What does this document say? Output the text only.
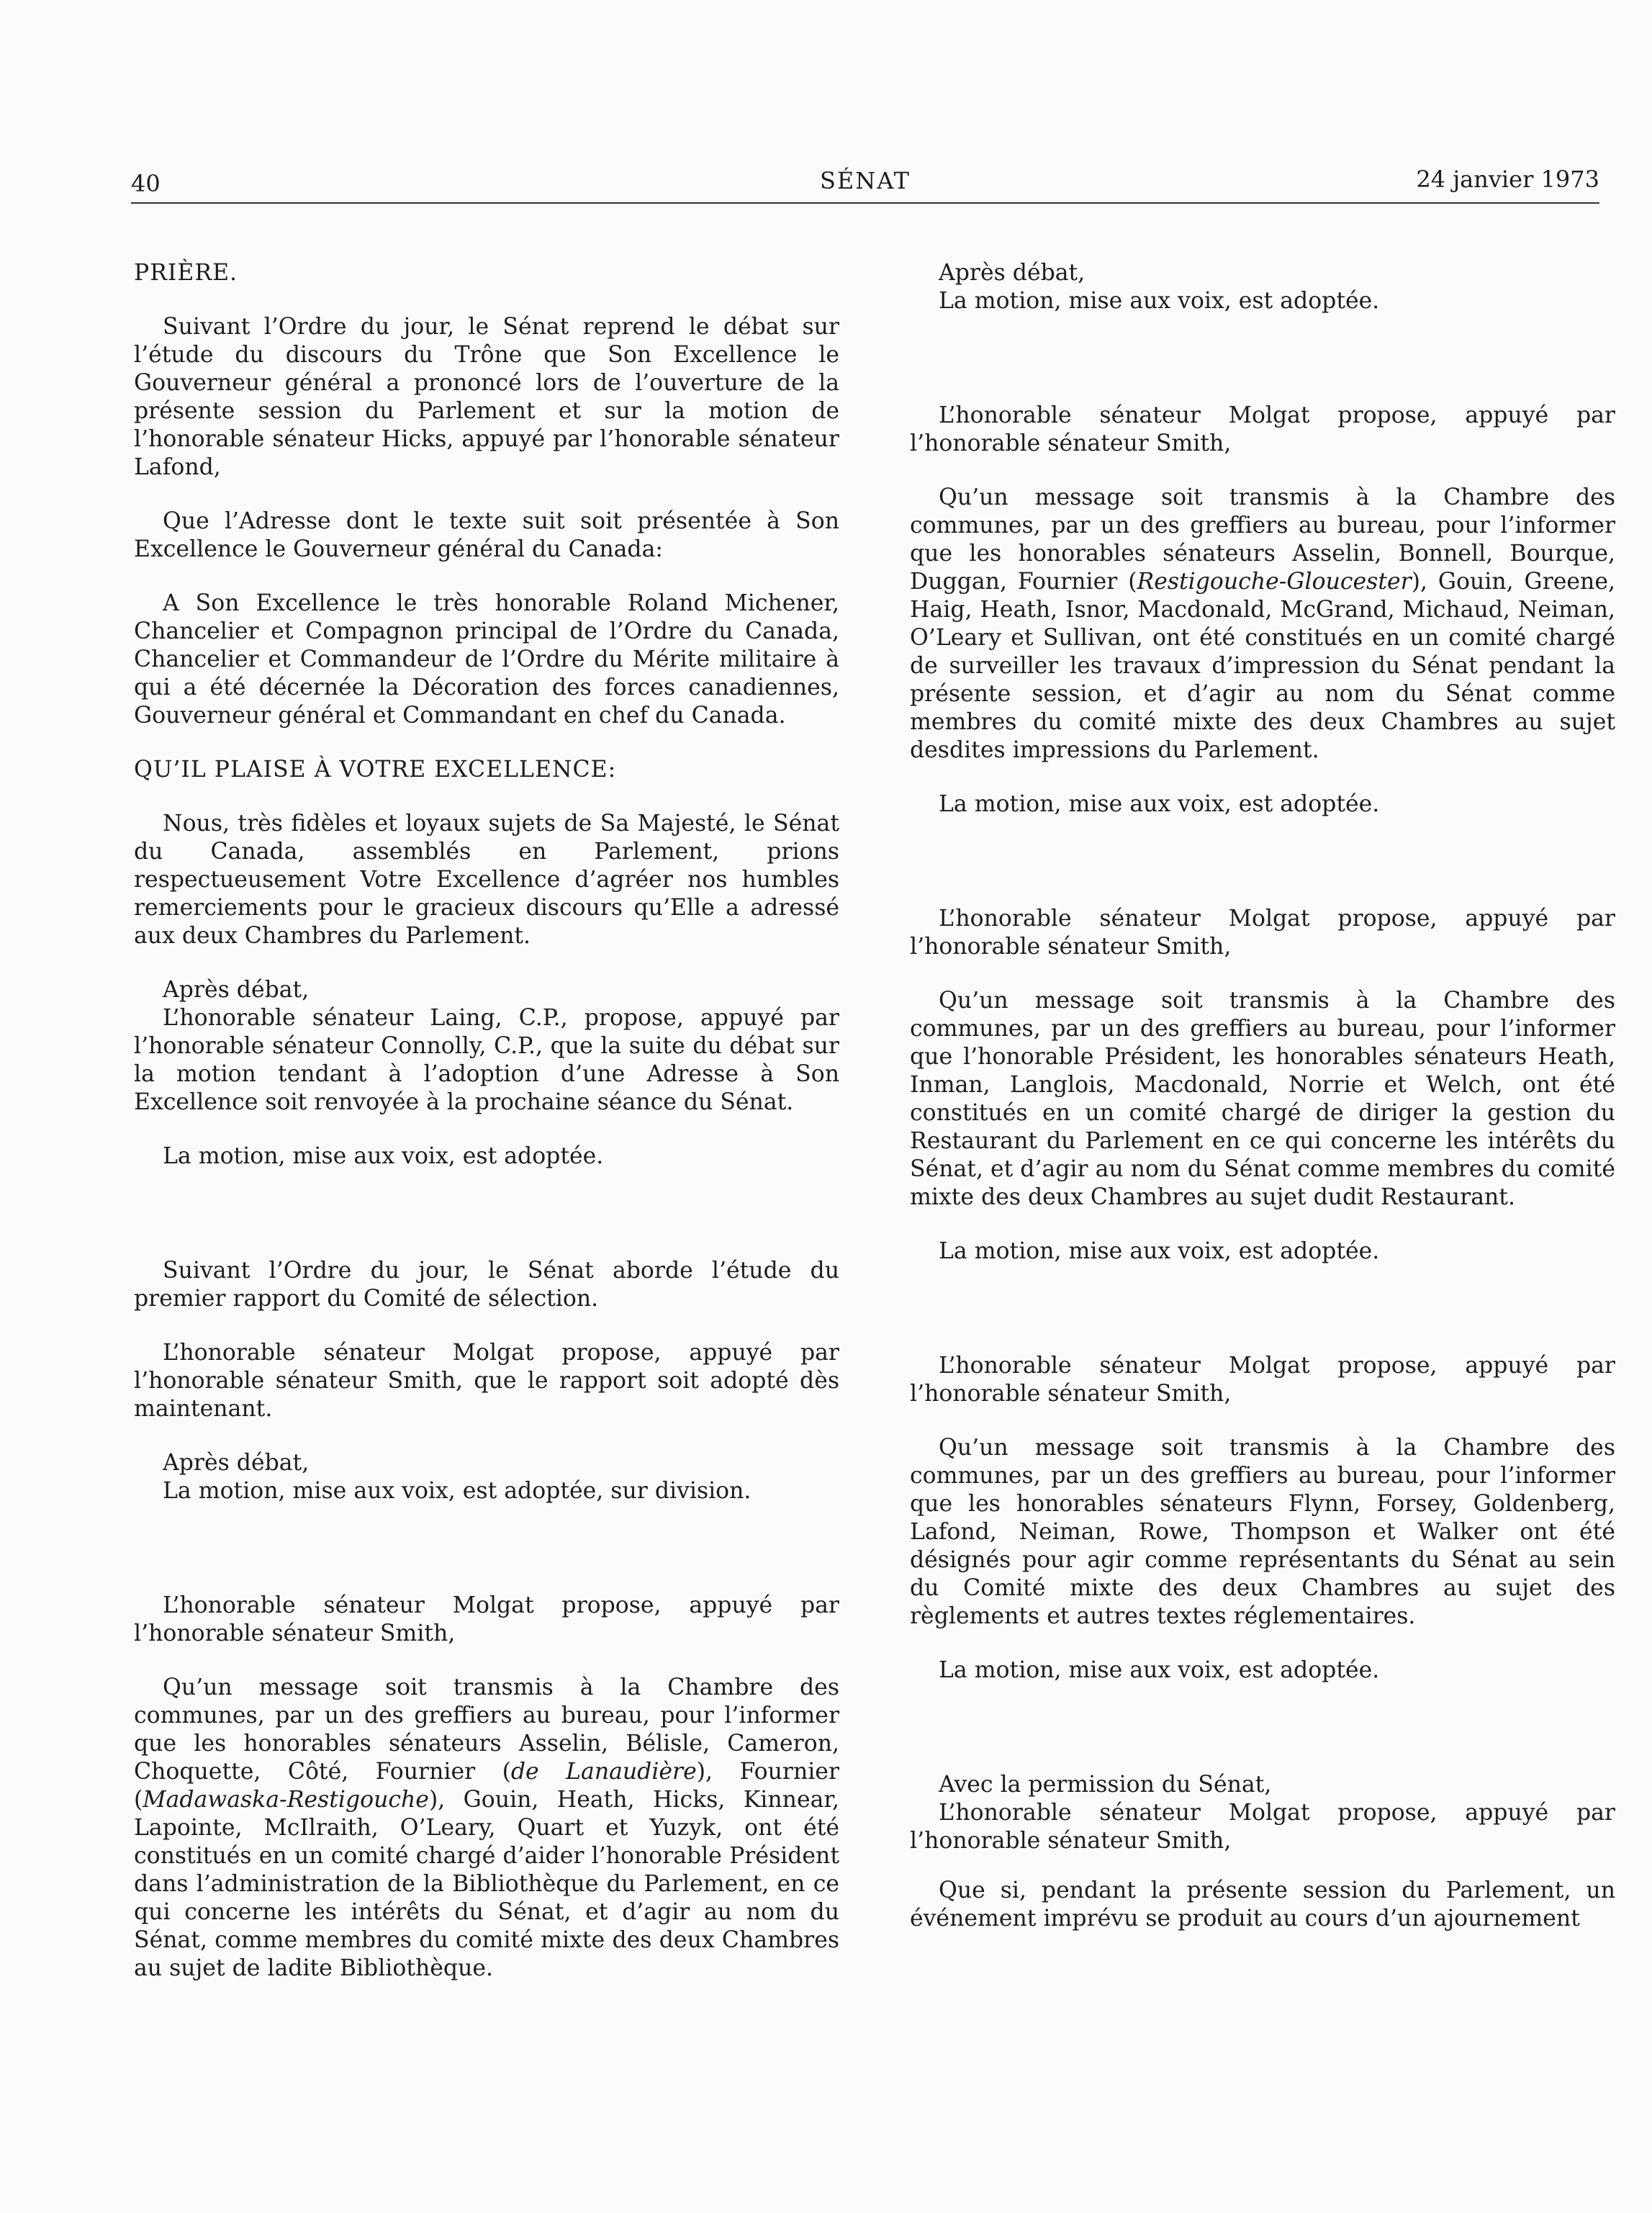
40	SÉNAT	24 janvier 1973

PRIÈRE.

Suivant l’Ordre du jour, le Sénat reprend le débat sur l’étude du discours du Trône que Son Excellence le Gouverneur général a prononcé lors de l’ouverture de la présente session du Parlement et sur la motion de l’honorable sénateur Hicks, appuyé par l’honorable sénateur Lafond,

Que l’Adresse dont le texte suit soit présentée à Son Excellence le Gouverneur général du Canada:

A Son Excellence le très honorable Roland Michener, Chancelier et Compagnon principal de l’Ordre du Canada, Chancelier et Commandeur de l’Ordre du Mérite militaire à qui a été décernée la Décoration des forces canadiennes, Gouverneur général et Commandant en chef du Canada.

QU’IL PLAISE À VOTRE EXCELLENCE:

Nous, très fidèles et loyaux sujets de Sa Majesté, le Sénat du Canada, assemblés en Parlement, prions respectueusement Votre Excellence d’agréer nos humbles remerciements pour le gracieux discours qu’Elle a adressé aux deux Chambres du Parlement.

Après débat,

L’honorable sénateur Laing, C.P., propose, appuyé par l’honorable sénateur Connolly, C.P., que la suite du débat sur la motion tendant à l’adoption d’une Adresse à Son Excellence soit renvoyée à la prochaine séance du Sénat.

La motion, mise aux voix, est adoptée.

Suivant l’Ordre du jour, le Sénat aborde l’étude du premier rapport du Comité de sélection.

L’honorable sénateur Molgat propose, appuyé par l’honorable sénateur Smith, que le rapport soit adopté dès maintenant.

Après débat,

La motion, mise aux voix, est adoptée, sur division.

L’honorable sénateur Molgat propose, appuyé par l’honorable sénateur Smith,

Qu’un message soit transmis à la Chambre des communes, par un des greffiers au bureau, pour l’informer que les honorables sénateurs Asselin, Bélisle, Cameron, Choquette, Côté, Fournier (de Lanaudière), Fournier (Madawaska-Restigouche), Gouin, Heath, Hicks, Kinnear, Lapointe, McIlraith, O’Leary, Quart et Yuzyk, ont été constitués en un comité chargé d’aider l’honorable Président dans l’administration de la Bibliothèque du Parlement, en ce qui concerne les intérêts du Sénat, et d’agir au nom du Sénat, comme membres du comité mixte des deux Chambres au sujet de ladite Bibliothèque.

Après débat,

La motion, mise aux voix, est adoptée.

L’honorable sénateur Molgat propose, appuyé par l’honorable sénateur Smith,

Qu’un message soit transmis à la Chambre des communes, par un des greffiers au bureau, pour l’informer que les honorables sénateurs Asselin, Bonnell, Bourque, Duggan, Fournier (Restigouche-Gloucester), Gouin, Greene, Haig, Heath, Isnor, Macdonald, McGrand, Michaud, Neiman, O’Leary et Sullivan, ont été constitués en un comité chargé de surveiller les travaux d’impression du Sénat pendant la présente session, et d’agir au nom du Sénat comme membres du comité mixte des deux Chambres au sujet desdites impressions du Parlement.

La motion, mise aux voix, est adoptée.

L’honorable sénateur Molgat propose, appuyé par l’honorable sénateur Smith,

Qu’un message soit transmis à la Chambre des communes, par un des greffiers au bureau, pour l’informer que l’honorable Président, les honorables sénateurs Heath, Inman, Langlois, Macdonald, Norrie et Welch, ont été constitués en un comité chargé de diriger la gestion du Restaurant du Parlement en ce qui concerne les intérêts du Sénat, et d’agir au nom du Sénat comme membres du comité mixte des deux Chambres au sujet dudit Restaurant.

La motion, mise aux voix, est adoptée.

L’honorable sénateur Molgat propose, appuyé par l’honorable sénateur Smith,

Qu’un message soit transmis à la Chambre des communes, par un des greffiers au bureau, pour l’informer que les honorables sénateurs Flynn, Forsey, Goldenberg, Lafond, Neiman, Rowe, Thompson et Walker ont été désignés pour agir comme représentants du Sénat au sein du Comité mixte des deux Chambres au sujet des règlements et autres textes réglementaires.

La motion, mise aux voix, est adoptée.

Avec la permission du Sénat,

L’honorable sénateur Molgat propose, appuyé par l’honorable sénateur Smith,

Que si, pendant la présente session du Parlement, un événement imprévu se produit au cours d’un ajournement
